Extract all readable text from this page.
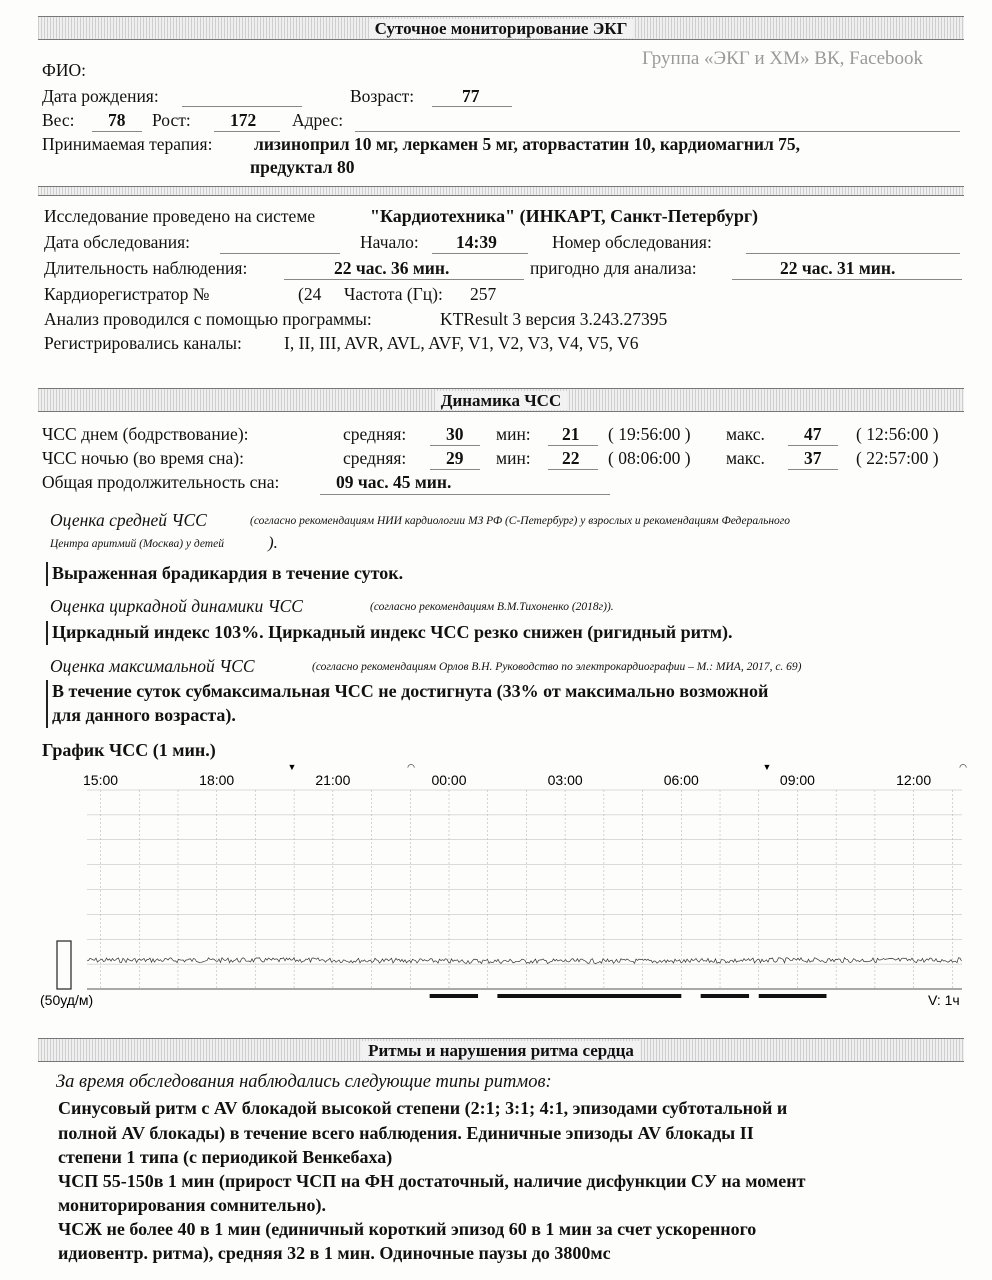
Суточное мониторирование ЭКГ
Группа «ЭКГ и ХМ» ВК, Facebook
ФИО:
Дата рождения:	Возраст:	77
Вес: 78 Рост: 172 Адрес:
Принимаемая терапия: лизиноприл 10 мг, леркамен 5 мг, аторвастатин 10, кардиомагнил 75,
предуктал 80
Исследование проведено на системе	"Кардиотехника" (ИНКАРТ, Санкт-Петербург)
Дата обследования:	Начало: 14:39	Номер обследования:
Длительность наблюдения:	22 час. 36 мин.	пригодно для анализа:	22 час. 31 мин.
Кардиорегистратор №	(24 Частота (Гц): 257
Анализ проводился с помощью программы:	KTResult 3 версия 3.243.27395
Регистрировались каналы: I, II, III, AVR, AVL, AVF, V1, V2, V3, V4, V5, V6
Динамика ЧСС
ЧСС днем (бодрствование):	средняя: 30 мин: 21 ( 19:56:00 ) макс. 47 ( 12:56:00 )
ЧСС ночью (во время сна):	средняя: 29 мин: 22 ( 08:06:00 ) макс. 37 ( 22:57:00 )
Общая продолжительность сна:	09 час. 45 мин.
Оценка средней ЧСС	(согласно рекомендациям НИИ кардиологии МЗ РФ (С-Петербург) у взрослых и рекомендациям Федерального
Центра аритмий (Москва) у детей	).
Выраженная брадикардия в течение суток.
Оценка циркадной динамики ЧСС	(согласно рекомендациям В.М.Тихоненко (2018г)).
Циркадный индекс 103%. Циркадный индекс ЧСС резко снижен (ригидный ритм).
Оценка максимальной ЧСС	(согласно рекомендациям Орлов В.Н. Руководство по электрокардиографии – М.: МИА, 2017, с. 69)
В течение суток субмаксимальная ЧСС не достигнута (33% от максимально возможной
для данного возраста).
График ЧСС (1 мин.)
15:00	18:00	21:00	00:00	03:00	06:00	09:00	12:00
▼	◠	▼	◠
(50уд/м)	V: 1ч
Ритмы и нарушения ритма сердца
За время обследования наблюдались следующие типы ритмов:
Синусовый ритм с AV блокадой высокой степени (2:1; 3:1; 4:1, эпизодами субтотальной и
полной AV блокады) в течение всего наблюдения. Единичные эпизоды AV блокады II
степени 1 типа (с периодикой Венкебаха)
ЧСП 55-150в 1 мин (прирост ЧСП на ФН достаточный, наличие дисфункции СУ на момент
мониторирования сомнительно).
ЧСЖ не более 40 в 1 мин (единичный короткий эпизод 60 в 1 мин за счет ускоренного
идиовентр. ритма), средняя 32 в 1 мин. Одиночные паузы до 3800мс
